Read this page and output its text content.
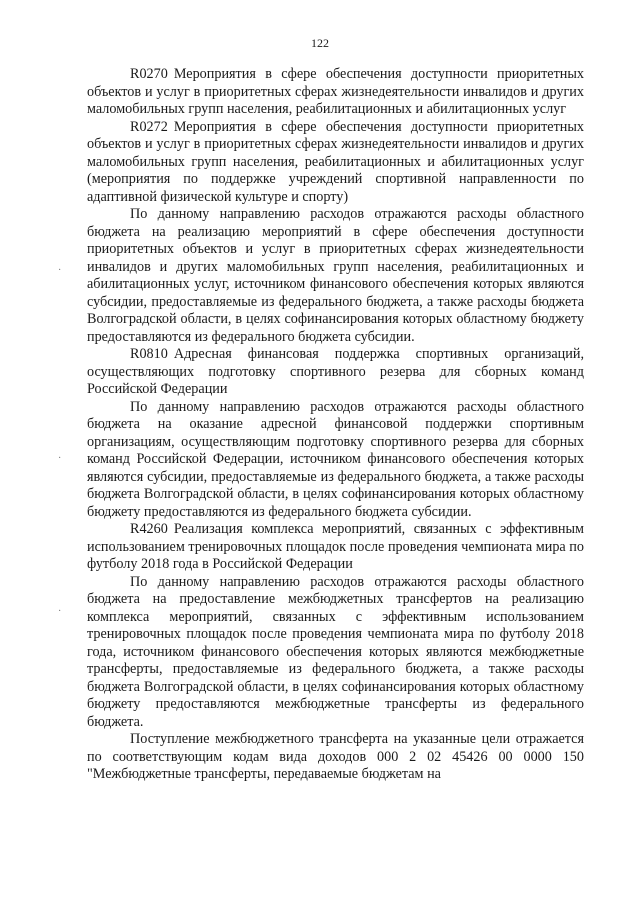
122
·
·
·

R0270 Мероприятия в сфере обеспечения доступности приоритетных объектов и услуг в приоритетных сферах жизнедеятельности инвалидов и других маломобильных групп населения, реабилитационных и абилитационных услуг

R0272 Мероприятия в сфере обеспечения доступности приоритетных объектов и услуг в приоритетных сферах жизнедеятельности инвалидов и других маломобильных групп населения, реабилитационных и абилитационных услуг (мероприятия по поддержке учреждений спортивной направленности по адаптивной физической культуре и спорту)

По данному направлению расходов отражаются расходы областного бюджета на реализацию мероприятий в сфере обеспечения доступности приоритетных объектов и услуг в приоритетных сферах жизнедеятельности инвалидов и других маломобильных групп населения, реабилитационных и абилитационных услуг, источником финансового обеспечения которых являются субсидии, предоставляемые из федерального бюджета, а также расходы бюджета Волгоградской области, в целях софинансирования которых областному бюджету предоставляются из федерального бюджета субсидии.

R0810 Адресная финансовая поддержка спортивных организаций, осуществляющих подготовку спортивного резерва для сборных команд Российской Федерации

По данному направлению расходов отражаются расходы областного бюджета на оказание адресной финансовой поддержки спортивным организациям, осуществляющим подготовку спортивного резерва для сборных команд Российской Федерации, источником финансового обеспечения которых являются субсидии, предоставляемые из федерального бюджета, а также расходы бюджета Волгоградской области, в целях софинансирования которых областному бюджету предоставляются из федерального бюджета субсидии.

R4260 Реализация комплекса мероприятий, связанных с эффективным использованием тренировочных площадок после проведения чемпионата мира по футболу 2018 года в Российской Федерации

По данному направлению расходов отражаются расходы областного бюджета на предоставление межбюджетных трансфертов на реализацию комплекса мероприятий, связанных с эффективным использованием тренировочных площадок после проведения чемпионата мира по футболу 2018 года, источником финансового обеспечения которых являются межбюджетные трансферты, предоставляемые из федерального бюджета, а также расходы бюджета Волгоградской области, в целях софинансирования которых областному бюджету предоставляются межбюджетные трансферты из федерального бюджета.

Поступление межбюджетного трансферта на указанные цели отражается по соответствующим кодам вида доходов 000 2 02 45426 00 0000 150 "Межбюджетные трансферты, передаваемые бюджетам на
